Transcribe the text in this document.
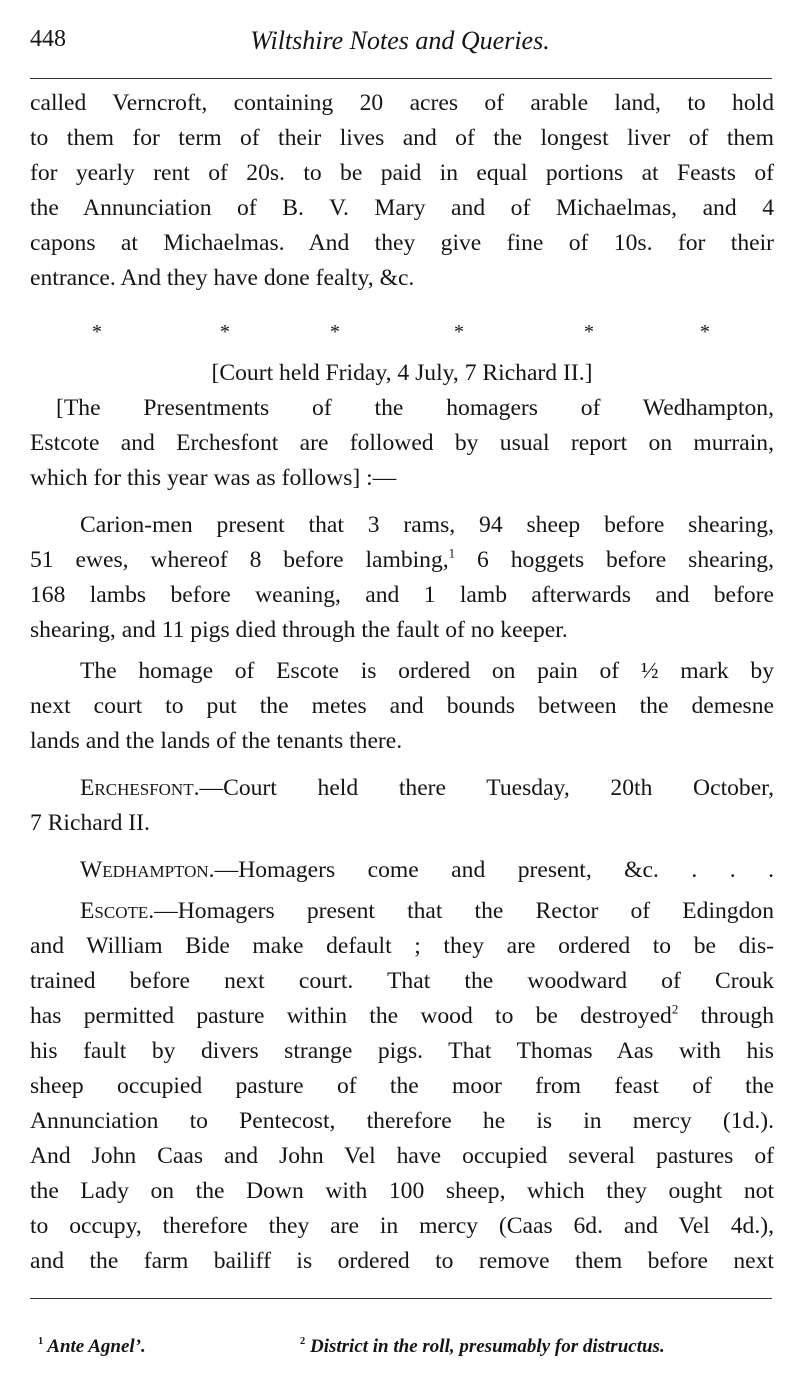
448	Wiltshire Notes and Queries.
called Verncroft, containing 20 acres of arable land, to hold
to them for term of their lives and of the longest liver of them
for yearly rent of 20s. to be paid in equal portions at Feasts of
the Annunciation of B. V. Mary and of Michaelmas, and 4
capons at Michaelmas. And they give fine of 10s. for their
entrance. And they have done fealty, &c.
*	*	*	*	*	*
[Court held Friday, 4 July, 7 Richard II.]
[The Presentments of the homagers of Wedhampton,
Estcote and Erchesfont are followed by usual report on murrain,
which for this year was as follows] :—
Carion-men present that 3 rams, 94 sheep before shearing,
51 ewes, whereof 8 before lambing,$^1$ 6 hoggets before shearing,
168 lambs before weaning, and 1 lamb afterwards and before
shearing, and 11 pigs died through the fault of no keeper.
The homage of Escote is ordered on pain of ½ mark by
next court to put the metes and bounds between the demesne
lands and the lands of the tenants there.
Erchesfont.—Court held there Tuesday, 20th October,
7 Richard II.
Wedhampton.—Homagers come and present, &c. . . .
Escote.—Homagers present that the Rector of Edingdon
and William Bide make default ; they are ordered to be dis-
trained before next court. That the woodward of Crouk
has permitted pasture within the wood to be destroyed$^2$ through
his fault by divers strange pigs. That Thomas Aas with his
sheep occupied pasture of the moor from feast of the
Annunciation to Pentecost, therefore he is in mercy (1d.).
And John Caas and John Vel have occupied several pastures of
the Lady on the Down with 100 sheep, which they ought not
to occupy, therefore they are in mercy (Caas 6d. and Vel 4d.),
and the farm bailiff is ordered to remove them before next
$^1$ Ante Agnel’.	$^2$ District in the roll, presumably for distructus.
